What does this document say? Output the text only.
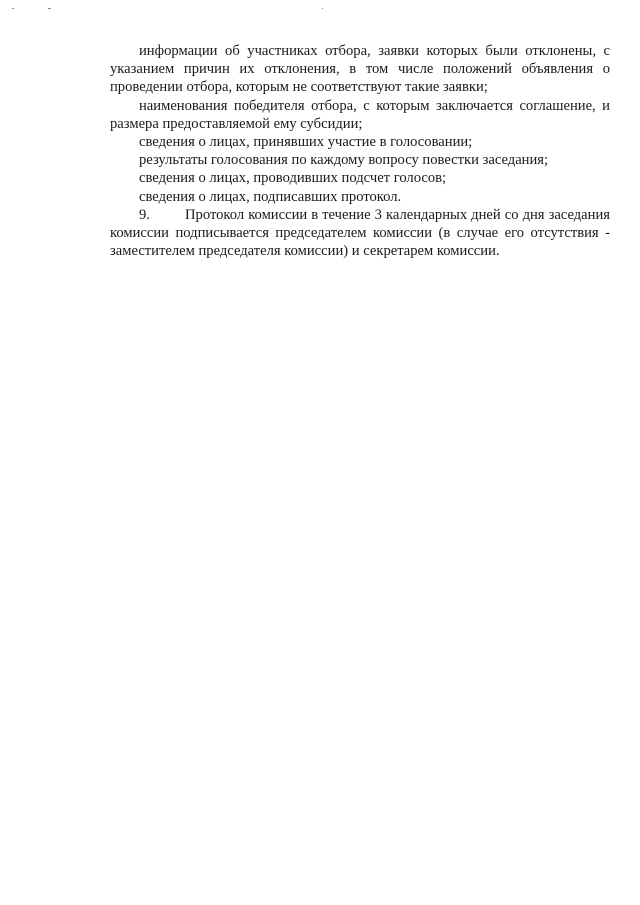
информации об участниках отбора, заявки которых были отклонены, с указанием причин их отклонения, в том числе положений объявления о проведении отбора, которым не соответствуют такие заявки;

наименования победителя отбора, с которым заключается соглашение, и размера предоставляемой ему субсидии;

сведения о лицах, принявших участие в голосовании;

результаты голосования по каждому вопросу повестки заседания;

сведения о лицах, проводивших подсчет голосов;

сведения о лицах, подписавших протокол.

9. Протокол комиссии в течение 3 календарных дней со дня заседания комиссии подписывается председателем комиссии (в случае его отсутствия - заместителем председателя комиссии) и секретарем комиссии.
